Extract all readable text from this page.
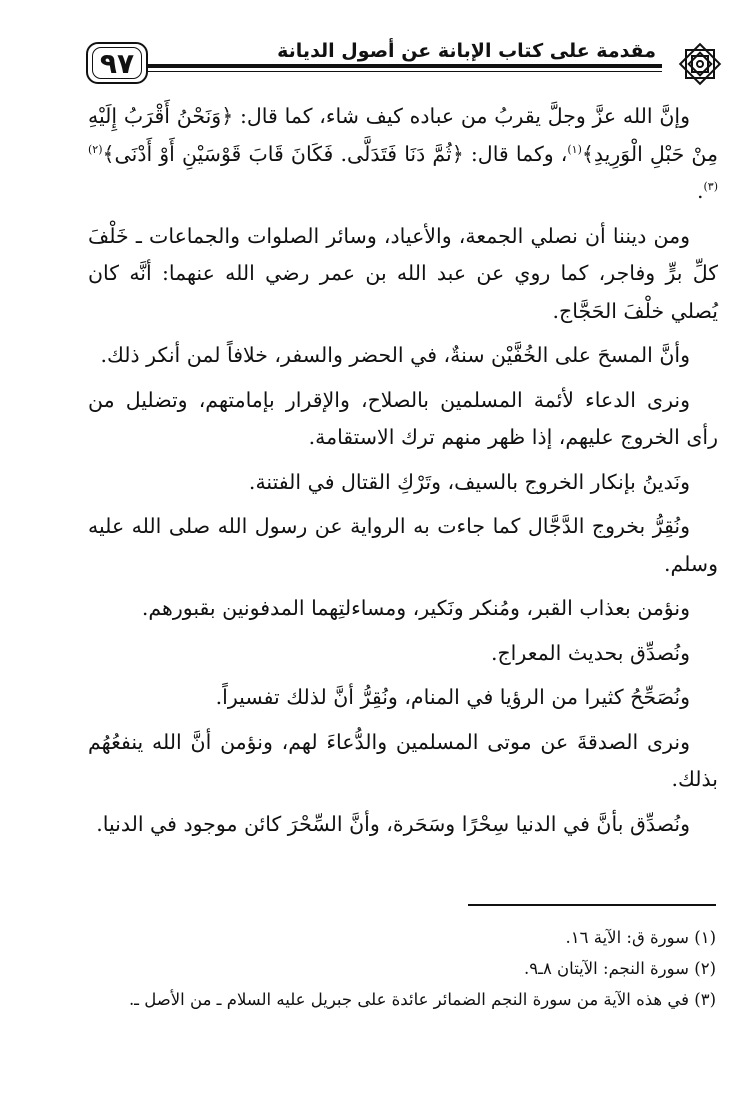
٩٧	مقدمة على كتاب الإبانة عن أصول الديانة

وإنَّ الله عزَّ وجلَّ يقربُ من عباده كيف شاء، كما قال: ﴿وَنَحْنُ أَقْرَبُ إِلَيْهِ مِنْ حَبْلِ الْوَرِيدِ﴾$^{(١)}$، وكما قال: ﴿ثُمَّ دَنَا فَتَدَلَّى. فَكَانَ قَابَ قَوْسَيْنِ أَوْ أَدْنَى﴾$^{(٢)(٣)}$.

ومن ديننا أن نصلي الجمعة، والأعياد، وسائر الصلوات والجماعات ـ خَلْفَ كلِّ برٍّ وفاجر، كما روي عن عبد الله بن عمر رضي الله عنهما: أنَّه كان يُصلي خلْفَ الحَجَّاج.

وأنَّ المسحَ على الخُفَّيْن سنةٌ، في الحضر والسفر، خلافاً لمن أنكر ذلك.

ونرى الدعاء لأئمة المسلمين بالصلاح، والإقرار بإمامتهم، وتضليل من رأى الخروج عليهم، إذا ظهر منهم ترك الاستقامة.

ونَدينُ بإنكار الخروج بالسيف، وتَرْكِ القتال في الفتنة.

ونُقِرُّ بخروج الدَّجَّال كما جاءت به الرواية عن رسول الله صلى الله عليه وسلم.

ونؤمن بعذاب القبر، ومُنكر ونَكير، ومساءلتِهما المدفونين بقبورهم.

ونُصدِّق بحديث المعراج.

ونُصَحِّحُ كثيرا من الرؤيا في المنام، ونُقِرُّ أنَّ لذلك تفسيراً.

ونرى الصدقةَ عن موتى المسلمين والدُّعاءَ لهم، ونؤمن أنَّ الله ينفعُهُم بذلك.

ونُصدِّق بأنَّ في الدنيا سِحْرًا وسَحَرة، وأنَّ السِّحْرَ كائن موجود في الدنيا.

(١) سورة ق: الآية ١٦.
(٢) سورة النجم: الآيتان ٨ـ٩.
(٣) في هذه الآية من سورة النجم الضمائر عائدة على جبريل عليه السلام ـ من الأصل ـ.
